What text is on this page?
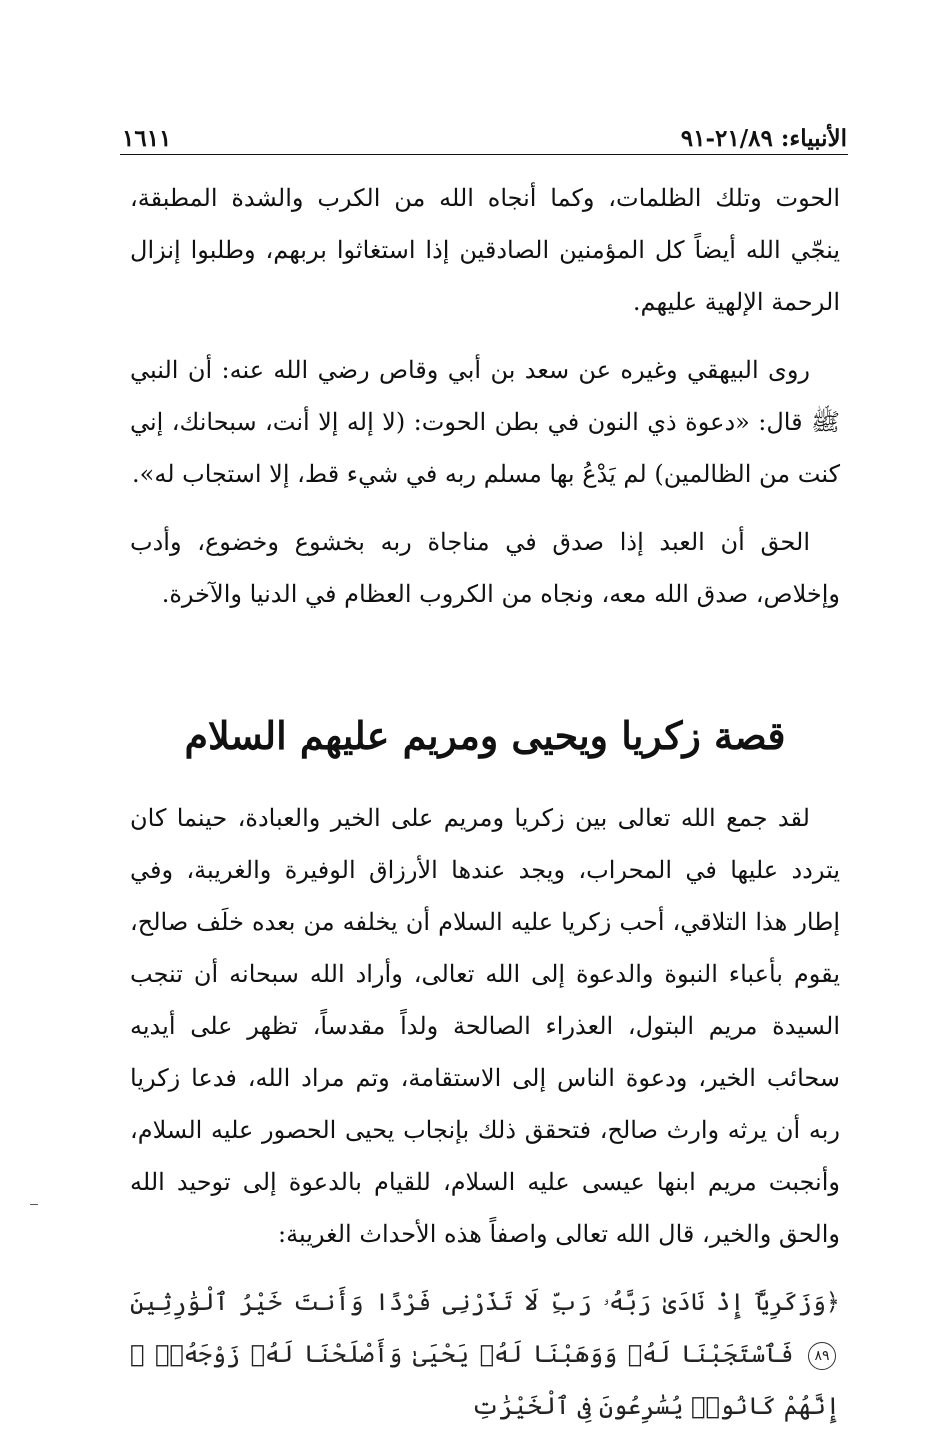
الأنبياء: ٢١/٨٩-٩١
١٦١١

الحوت وتلك الظلمات، وكما أنجاه الله من الكرب والشدة المطبقة، ينجّي الله أيضاً كل المؤمنين الصادقين إذا استغاثوا بربهم، وطلبوا إنزال الرحمة الإلهية عليهم.

روى البيهقي وغيره عن سعد بن أبي وقاص رضي الله عنه: أن النبي ﷺ قال: «دعوة ذي النون في بطن الحوت: (لا إله إلا أنت، سبحانك، إني كنت من الظالمين) لم يَدْعُ بها مسلم ربه في شيء قط، إلا استجاب له».

الحق أن العبد إذا صدق في مناجاة ربه بخشوع وخضوع، وأدب وإخلاص، صدق الله معه، ونجاه من الكروب العظام في الدنيا والآخرة.

قصة زكريا ويحيى ومريم عليهم السلام

لقد جمع الله تعالى بين زكريا ومريم على الخير والعبادة، حينما كان يتردد عليها في المحراب، ويجد عندها الأرزاق الوفيرة والغريبة، وفي إطار هذا التلاقي، أحب زكريا عليه السلام أن يخلفه من بعده خلَف صالح، يقوم بأعباء النبوة والدعوة إلى الله تعالى، وأراد الله سبحانه أن تنجب السيدة مريم البتول، العذراء الصالحة ولداً مقدساً، تظهر على أيديه سحائب الخير، ودعوة الناس إلى الاستقامة، وتم مراد الله، فدعا زكريا ربه أن يرثه وارث صالح، فتحقق ذلك بإنجاب يحيى الحصور عليه السلام، وأنجبت مريم ابنها عيسى عليه السلام، للقيام بالدعوة إلى توحيد الله والحق والخير، قال الله تعالى واصفاً هذه الأحداث الغريبة:

﴿وَزَكَرِيَّآ إِذْ نَادَىٰ رَبَّهُۥ رَبِّ لَا تَذَرْنِى فَرْدًا وَأَنتَ خَيْرُ ٱلْوَٰرِثِينَ ٨٩ فَٱسْتَجَبْنَا لَهُۥ وَوَهَبْنَا لَهُۥ يَحْيَىٰ وَأَصْلَحْنَا لَهُۥ زَوْجَهُۥٓ ۚ إِنَّهُمْ كَانُوا۟ يُسَٰرِعُونَ فِى ٱلْخَيْرَٰتِ
